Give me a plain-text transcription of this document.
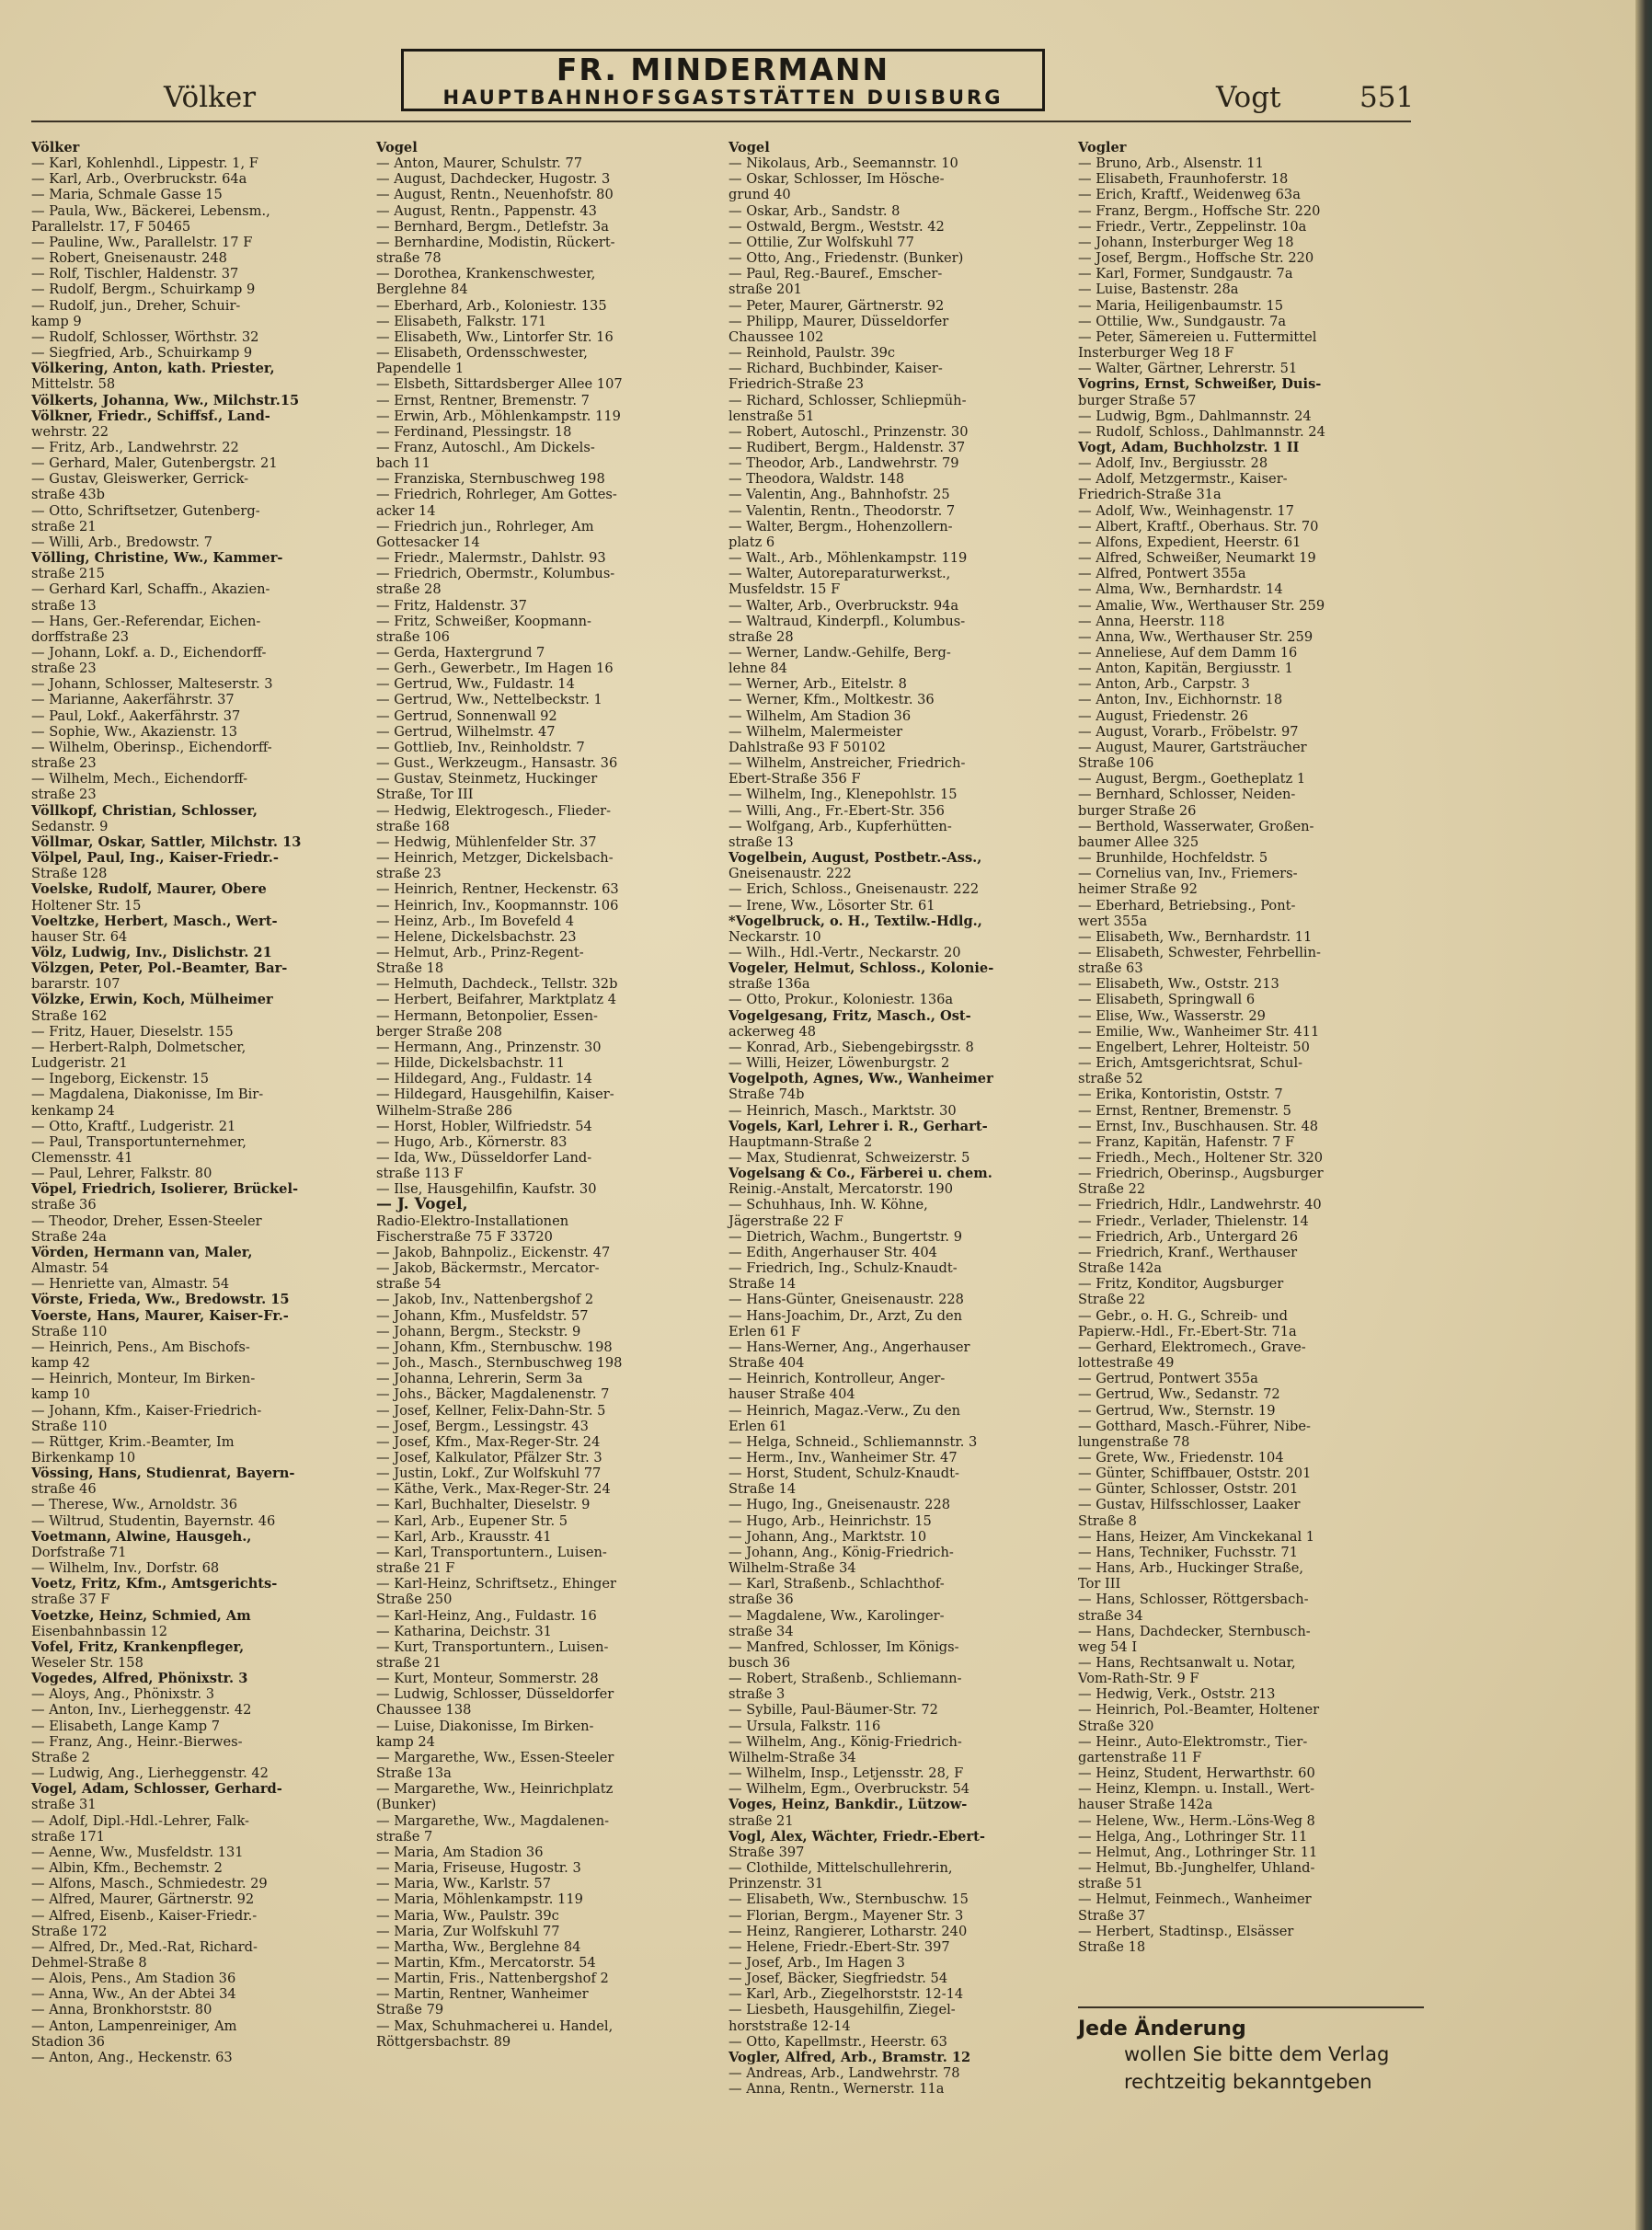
Völker
FR. MINDERMANN
HAUPTBAHNHOFSGASTSTÄTTEN DUISBURG	Vogt	551
Völker
— Karl, Kohlenhdl., Lippestr. 1, F
— Karl, Arb., Overbruckstr. 64a
— Maria, Schmale Gasse 15
— Paula, Ww., Bäckerei, Lebensm.,
Parallelstr. 17, F 50465
— Pauline, Ww., Parallelstr. 17 F
— Robert, Gneisenaustr. 248
— Rolf, Tischler, Haldenstr. 37
— Rudolf, Bergm., Schuirkamp 9
— Rudolf, jun., Dreher, Schuir-
kamp 9
— Rudolf, Schlosser, Wörthstr. 32
— Siegfried, Arb., Schuirkamp 9
Völkering, Anton, kath. Priester,
Mittelstr. 58
Völkerts, Johanna, Ww., Milchstr.15
Völkner, Friedr., Schiffsf., Land-
wehrstr. 22
— Fritz, Arb., Landwehrstr. 22
— Gerhard, Maler, Gutenbergstr. 21
— Gustav, Gleiswerker, Gerrick-
straße 43b
— Otto, Schriftsetzer, Gutenberg-
straße 21
— Willi, Arb., Bredowstr. 7
Vŏlling, Christine, Ww., Kammer-
straße 215
— Gerhard Karl, Schaffn., Akazien-
straße 13
— Hans, Ger.-Referendar, Eichen-
dorffstraße 23
— Johann, Lokf. a. D., Eichendorff-
straße 23
— Johann, Schlosser, Malteserstr. 3
— Marianne, Aakerfährstr. 37
— Paul, Lokf., Aakerfährstr. 37
— Sophie, Ww., Akazienstr. 13
— Wilhelm, Oberinsp., Eichendorff-
straße 23
— Wilhelm, Mech., Eichendorff-
straße 23
Völlkopf, Christian, Schlosser,
Sedanstr. 9
Völlmar, Oskar, Sattler, Milchstr. 13
Völpel, Paul, Ing., Kaiser-Friedr.-
Straße 128
Voelske, Rudolf, Maurer, Obere
Holtener Str. 15
Voeltzke, Herbert, Masch., Wert-
hauser Str. 64
Völz, Ludwig, Inv., Dislichstr. 21
Völzgen, Peter, Pol.-Beamter, Bar-
bararstr. 107
Völzke, Erwin, Koch, Mülheimer
Straße 162
— Fritz, Hauer, Dieselstr. 155
— Herbert-Ralph, Dolmetscher,
Ludgeristr. 21
— Ingeborg, Eickenstr. 15
— Magdalena, Diakonisse, Im Bir-
kenkamp 24
— Otto, Kraftf., Ludgeristr. 21
— Paul, Transportunternehmer,
Clemensstr. 41
— Paul, Lehrer, Falkstr. 80
Vöpel, Friedrich, Isolierer, Brückel-
straße 36
— Theodor, Dreher, Essen-Steeler
Straße 24a
Vörden, Hermann van, Maler,
Almastr. 54
— Henriette van, Almastr. 54
Vörste, Frieda, Ww., Bredowstr. 15
Voerste, Hans, Maurer, Kaiser-Fr.-
Straße 110
— Heinrich, Pens., Am Bischofs-
kamp 42
— Heinrich, Monteur, Im Birken-
kamp 10
— Johann, Kfm., Kaiser-Friedrich-
Straße 110
— Rüttger, Krim.-Beamter, Im
Birkenkamp 10
Vössing, Hans, Studienrat, Bayern-
straße 46
— Therese, Ww., Arnoldstr. 36
— Wiltrud, Studentin, Bayernstr. 46
Voetmann, Alwine, Hausgeh.,
Dorfstraße 71
— Wilhelm, Inv., Dorfstr. 68
Voetz, Fritz, Kfm., Amtsgerichts-
straße 37 F
Voetzke, Heinz, Schmied, Am
Eisenbahnbassin 12
Vofel, Fritz, Krankenpfleger,
Weseler Str. 158
Vogedes, Alfred, Phönixstr. 3
— Aloys, Ang., Phönixstr. 3
— Anton, Inv., Lierheggenstr. 42
— Elisabeth, Lange Kamp 7
— Franz, Ang., Heinr.-Bierwes-
Straße 2
— Ludwig, Ang., Lierheggenstr. 42
Vogel, Adam, Schlosser, Gerhard-
straße 31
— Adolf, Dipl.-Hdl.-Lehrer, Falk-
straße 171
— Aenne, Ww., Musfeldstr. 131
— Albin, Kfm., Bechemstr. 2
— Alfons, Masch., Schmiedestr. 29
— Alfred, Maurer, Gärtnerstr. 92
— Alfred, Eisenb., Kaiser-Friedr.-
Straße 172
— Alfred, Dr., Med.-Rat, Richard-
Dehmel-Straße 8
— Alois, Pens., Am Stadion 36
— Anna, Ww., An der Abtei 34
— Anna, Bronkhorststr. 80
— Anton, Lampenreiniger, Am
Stadion 36
— Anton, Ang., Heckenstr. 63
Vogel
— Anton, Maurer, Schulstr. 77
— August, Dachdecker, Hugostr. 3
— August, Rentn., Neuenhofstr. 80
— August, Rentn., Pappenstr. 43
— Bernhard, Bergm., Detlefstr. 3a
— Bernhardine, Modistin, Rückert-
straße 78
— Dorothea, Krankenschwester,
Berglehne 84
— Eberhard, Arb., Koloniestr. 135
— Elisabeth, Falkstr. 171
— Elisabeth, Ww., Lintorfer Str. 16
— Elisabeth, Ordensschwester,
Papendelle 1
— Elsbeth, Sittardsberger Allee 107
— Ernst, Rentner, Bremenstr. 7
— Erwin, Arb., Möhlenkampstr. 119
— Ferdinand, Plessingstr. 18
— Franz, Autoschl., Am Dickels-
bach 11
— Franziska, Sternbuschweg 198
— Friedrich, Rohrleger, Am Gottes-
acker 14
— Friedrich jun., Rohrleger, Am
Gottesacker 14
— Friedr., Malermstr., Dahlstr. 93
— Friedrich, Obermstr., Kolumbus-
straße 28
— Fritz, Haldenstr. 37
— Fritz, Schweißer, Koopmann-
straße 106
— Gerda, Haxtergrund 7
— Gerh., Gewerbetr., Im Hagen 16
— Gertrud, Ww., Fuldastr. 14
— Gertrud, Ww., Nettelbeckstr. 1
— Gertrud, Sonnenwall 92
— Gertrud, Wilhelmstr. 47
— Gottlieb, Inv., Reinholdstr. 7
— Gust., Werkzeugm., Hansastr. 36
— Gustav, Steinmetz, Huckinger
Straße, Tor III
— Hedwig, Elektrogesch., Flieder-
straße 168
— Hedwig, Mühlenfelder Str. 37
— Heinrich, Metzger, Dickelsbach-
straße 23
— Heinrich, Rentner, Heckenstr. 63
— Heinrich, Inv., Koopmannstr. 106
— Heinz, Arb., Im Bovefeld 4
— Helene, Dickelsbachstr. 23
— Helmut, Arb., Prinz-Regent-
Straße 18
— Helmuth, Dachdeck., Tellstr. 32b
— Herbert, Beifahrer, Marktplatz 4
— Hermann, Betonpolier, Essen-
berger Straße 208
— Hermann, Ang., Prinzenstr. 30
— Hilde, Dickelsbachstr. 11
— Hildegard, Ang., Fuldastr. 14
— Hildegard, Hausgehilfin, Kaiser-
Wilhelm-Straße 286
— Horst, Hobler, Wilfriedstr. 54
— Hugo, Arb., Körnerstr. 83
— Ida, Ww., Düsseldorfer Land-
straße 113 F
— Ilse, Hausgehilfin, Kaufstr. 30
— J. Vogel,
Radio-Elektro-Installationen
Fischerstraße 75 F 33720
— Jakob, Bahnpoliz., Eickenstr. 47
— Jakob, Bäckermstr., Mercator-
straße 54
— Jakob, Inv., Nattenbergshof 2
— Johann, Kfm., Musfeldstr. 57
— Johann, Bergm., Steckstr. 9
— Johann, Kfm., Sternbuschw. 198
— Joh., Masch., Sternbuschweg 198
— Johanna, Lehrerin, Serm 3a
— Johs., Bäcker, Magdalenenstr. 7
— Josef, Kellner, Felix-Dahn-Str. 5
— Josef, Bergm., Lessingstr. 43
— Josef, Kfm., Max-Reger-Str. 24
— Josef, Kalkulator, Pfälzer Str. 3
— Justin, Lokf., Zur Wolfskuhl 77
— Käthe, Verk., Max-Reger-Str. 24
— Karl, Buchhalter, Dieselstr. 9
— Karl, Arb., Eupener Str. 5
— Karl, Arb., Krausstr. 41
— Karl, Transportuntern., Luisen-
straße 21 F
— Karl-Heinz, Schriftsetz., Ehinger
Straße 250
— Karl-Heinz, Ang., Fuldastr. 16
— Katharina, Deichstr. 31
— Kurt, Transportuntern., Luisen-
straße 21
— Kurt, Monteur, Sommerstr. 28
— Ludwig, Schlosser, Düsseldorfer
Chaussee 138
— Luise, Diakonisse, Im Birken-
kamp 24
— Margarethe, Ww., Essen-Steeler
Straße 13a
— Margarethe, Ww., Heinrichplatz
(Bunker)
— Margarethe, Ww., Magdalenen-
straße 7
— Maria, Am Stadion 36
— Maria, Friseuse, Hugostr. 3
— Maria, Ww., Karlstr. 57
— Maria, Möhlenkampstr. 119
— Maria, Ww., Paulstr. 39c
— Maria, Zur Wolfskuhl 77
— Martha, Ww., Berglehne 84
— Martin, Kfm., Mercatorstr. 54
— Martin, Fris., Nattenbergshof 2
— Martin, Rentner, Wanheimer
Straße 79
— Max, Schuhmacherei u. Handel,
Röttgersbachstr. 89
Vogel
— Nikolaus, Arb., Seemannstr. 10
— Oskar, Schlosser, Im Hösche-
grund 40
— Oskar, Arb., Sandstr. 8
— Ostwald, Bergm., Weststr. 42
— Ottilie, Zur Wolfskuhl 77
— Otto, Ang., Friedenstr. (Bunker)
— Paul, Reg.-Bauref., Emscher-
straße 201
— Peter, Maurer, Gärtnerstr. 92
— Philipp, Maurer, Düsseldorfer
Chaussee 102
— Reinhold, Paulstr. 39c
— Richard, Buchbinder, Kaiser-
Friedrich-Straße 23
— Richard, Schlosser, Schliepmüh-
lenstraße 51
— Robert, Autoschl., Prinzenstr. 30
— Rudibert, Bergm., Haldenstr. 37
— Theodor, Arb., Landwehrstr. 79
— Theodora, Waldstr. 148
— Valentin, Ang., Bahnhofstr. 25
— Valentin, Rentn., Theodorstr. 7
— Walter, Bergm., Hohenzollern-
platz 6
— Walt., Arb., Möhlenkampstr. 119
— Walter, Autoreparaturwerkst.,
Musfeldstr. 15 F
— Walter, Arb., Overbruckstr. 94a
— Waltraud, Kinderpfl., Kolumbus-
straße 28
— Werner, Landw.-Gehilfe, Berg-
lehne 84
— Werner, Arb., Eitelstr. 8
— Werner, Kfm., Moltkestr. 36
— Wilhelm, Am Stadion 36
— Wilhelm, Malermeister
Dahlstraße 93 F 50102
— Wilhelm, Anstreicher, Friedrich-
Ebert-Straße 356 F
— Wilhelm, Ing., Klenepohlstr. 15
— Willi, Ang., Fr.-Ebert-Str. 356
— Wolfgang, Arb., Kupferhütten-
straße 13
Vogelbein, August, Postbetr.-Ass.,
Gneisenaustr. 222
— Erich, Schloss., Gneisenaustr. 222
— Irene, Ww., Lösorter Str. 61
*Vogelbruck, o. H., Textilw.-Hdlg.,
Neckarstr. 10
— Wilh., Hdl.-Vertr., Neckarstr. 20
Vogeler, Helmut, Schloss., Kolonie-
straße 136a
— Otto, Prokur., Koloniestr. 136a
Vogelgesang, Fritz, Masch., Ost-
ackerweg 48
— Konrad, Arb., Siebengebirgsstr. 8
— Willi, Heizer, Löwenburgstr. 2
Vogelpoth, Agnes, Ww., Wanheimer
Straße 74b
— Heinrich, Masch., Marktstr. 30
Vogels, Karl, Lehrer i. R., Gerhart-
Hauptmann-Straße 2
— Max, Studienrat, Schweizerstr. 5
Vogelsang & Co., Färberei u. chem.
Reinig.-Anstalt, Mercatorstr. 190
— Schuhhaus, Inh. W. Köhne,
Jägerstraße 22 F
— Dietrich, Wachm., Bungertstr. 9
— Edith, Angerhauser Str. 404
— Friedrich, Ing., Schulz-Knaudt-
Straße 14
— Hans-Günter, Gneisenaustr. 228
— Hans-Joachim, Dr., Arzt, Zu den
Erlen 61 F
— Hans-Werner, Ang., Angerhauser
Straße 404
— Heinrich, Kontrolleur, Anger-
hauser Straße 404
— Heinrich, Magaz.-Verw., Zu den
Erlen 61
— Helga, Schneid., Schliemannstr. 3
— Herm., Inv., Wanheimer Str. 47
— Horst, Student, Schulz-Knaudt-
Straße 14
— Hugo, Ing., Gneisenaustr. 228
— Hugo, Arb., Heinrichstr. 15
— Johann, Ang., Marktstr. 10
— Johann, Ang., König-Friedrich-
Wilhelm-Straße 34
— Karl, Straßenb., Schlachthof-
straße 36
— Magdalene, Ww., Karolinger-
straße 34
— Manfred, Schlosser, Im Königs-
busch 36
— Robert, Straßenb., Schliemann-
straße 3
— Sybille, Paul-Bäumer-Str. 72
— Ursula, Falkstr. 116
— Wilhelm, Ang., König-Friedrich-
Wilhelm-Straße 34
— Wilhelm, Insp., Letjensstr. 28, F
— Wilhelm, Egm., Overbruckstr. 54
Voges, Heinz, Bankdir., Lützow-
straße 21
Vogl, Alex, Wächter, Friedr.-Ebert-
Straße 397
— Clothilde, Mittelschullehrerin,
Prinzenstr. 31
— Elisabeth, Ww., Sternbuschw. 15
— Florian, Bergm., Mayener Str. 3
— Heinz, Rangierer, Lotharstr. 240
— Helene, Friedr.-Ebert-Str. 397
— Josef, Arb., Im Hagen 3
— Josef, Bäcker, Siegfriedstr. 54
— Karl, Arb., Ziegelhorststr. 12-14
— Liesbeth, Hausgehilfin, Ziegel-
horststraße 12-14
— Otto, Kapellmstr., Heerstr. 63
Vogler, Alfred, Arb., Bramstr. 12
— Andreas, Arb., Landwehrstr. 78
— Anna, Rentn., Wernerstr. 11a
Vogler
— Bruno, Arb., Alsenstr. 11
— Elisabeth, Fraunhoferstr. 18
— Erich, Kraftf., Weidenweg 63a
— Franz, Bergm., Hoffsche Str. 220
— Friedr., Vertr., Zeppelinstr. 10a
— Johann, Insterburger Weg 18
— Josef, Bergm., Hoffsche Str. 220
— Karl, Former, Sundgaustr. 7a
— Luise, Bastenstr. 28a
— Maria, Heiligenbaumstr. 15
— Ottilie, Ww., Sundgaustr. 7a
— Peter, Sämereien u. Futtermittel
Insterburger Weg 18 F
— Walter, Gärtner, Lehrerstr. 51
Vogrins, Ernst, Schweißer, Duis-
burger Straße 57
— Ludwig, Bgm., Dahlmannstr. 24
— Rudolf, Schloss., Dahlmannstr. 24
Vogt, Adam, Buchholzstr. 1 II
— Adolf, Inv., Bergiusstr. 28
— Adolf, Metzgermstr., Kaiser-
Friedrich-Straße 31a
— Adolf, Ww., Weinhagenstr. 17
— Albert, Kraftf., Oberhaus. Str. 70
— Alfons, Expedient, Heerstr. 61
— Alfred, Schweißer, Neumarkt 19
— Alfred, Pontwert 355a
— Alma, Ww., Bernhardstr. 14
— Amalie, Ww., Werthauser Str. 259
— Anna, Heerstr. 118
— Anna, Ww., Werthauser Str. 259
— Anneliese, Auf dem Damm 16
— Anton, Kapitän, Bergiusstr. 1
— Anton, Arb., Carpstr. 3
— Anton, Inv., Eichhornstr. 18
— August, Friedenstr. 26
— August, Vorarb., Fröbelstr. 97
— August, Maurer, Gartsträucher
Straße 106
— August, Bergm., Goetheplatz 1
— Bernhard, Schlosser, Neiden-
burger Straße 26
— Berthold, Wasserwater, Großen-
baumer Allee 325
— Brunhilde, Hochfeldstr. 5
— Cornelius van, Inv., Friemers-
heimer Straße 92
— Eberhard, Betriebsing., Pont-
wert 355a
— Elisabeth, Ww., Bernhardstr. 11
— Elisabeth, Schwester, Fehrbellin-
straße 63
— Elisabeth, Ww., Oststr. 213
— Elisabeth, Springwall 6
— Elise, Ww., Wasserstr. 29
— Emilie, Ww., Wanheimer Str. 411
— Engelbert, Lehrer, Holteistr. 50
— Erich, Amtsgerichtsrat, Schul-
straße 52
— Erika, Kontoristin, Oststr. 7
— Ernst, Rentner, Bremenstr. 5
— Ernst, Inv., Buschhausen. Str. 48
— Franz, Kapitän, Hafenstr. 7 F
— Friedh., Mech., Holtener Str. 320
— Friedrich, Oberinsp., Augsburger
Straße 22
— Friedrich, Hdlr., Landwehrstr. 40
— Friedr., Verlader, Thielenstr. 14
— Friedrich, Arb., Untergard 26
— Friedrich, Kranf., Werthauser
Straße 142a
— Fritz, Konditor, Augsburger
Straße 22
— Gebr., o. H. G., Schreib- und
Papierw.-Hdl., Fr.-Ebert-Str. 71a
— Gerhard, Elektromech., Grave-
lottestraße 49
— Gertrud, Pontwert 355a
— Gertrud, Ww., Sedanstr. 72
— Gertrud, Ww., Sternstr. 19
— Gotthard, Masch.-Führer, Nibe-
lungenstraße 78
— Grete, Ww., Friedenstr. 104
— Günter, Schiffbauer, Oststr. 201
— Günter, Schlosser, Oststr. 201
— Gustav, Hilfsschlosser, Laaker
Straße 8
— Hans, Heizer, Am Vinckekanal 1
— Hans, Techniker, Fuchsstr. 71
— Hans, Arb., Huckinger Straße,
Tor III
— Hans, Schlosser, Röttgersbach-
straße 34
— Hans, Dachdecker, Sternbusch-
weg 54 I
— Hans, Rechtsanwalt u. Notar,
Vom-Rath-Str. 9 F
— Hedwig, Verk., Oststr. 213
— Heinrich, Pol.-Beamter, Holtener
Straße 320
— Heinr., Auto-Elektromstr., Tier-
gartenstraße 11 F
— Heinz, Student, Herwarthstr. 60
— Heinz, Klempn. u. Install., Wert-
hauser Straße 142a
— Helene, Ww., Herm.-Löns-Weg 8
— Helga, Ang., Lothringer Str. 11
— Helmut, Ang., Lothringer Str. 11
— Helmut, Bb.-Junghelfer, Uhland-
straße 51
— Helmut, Feinmech., Wanheimer
Straße 37
— Herbert, Stadtinsp., Elsässer
Straße 18
Jede Änderung
wollen Sie bitte dem Verlag
rechtzeitig bekanntgeben
